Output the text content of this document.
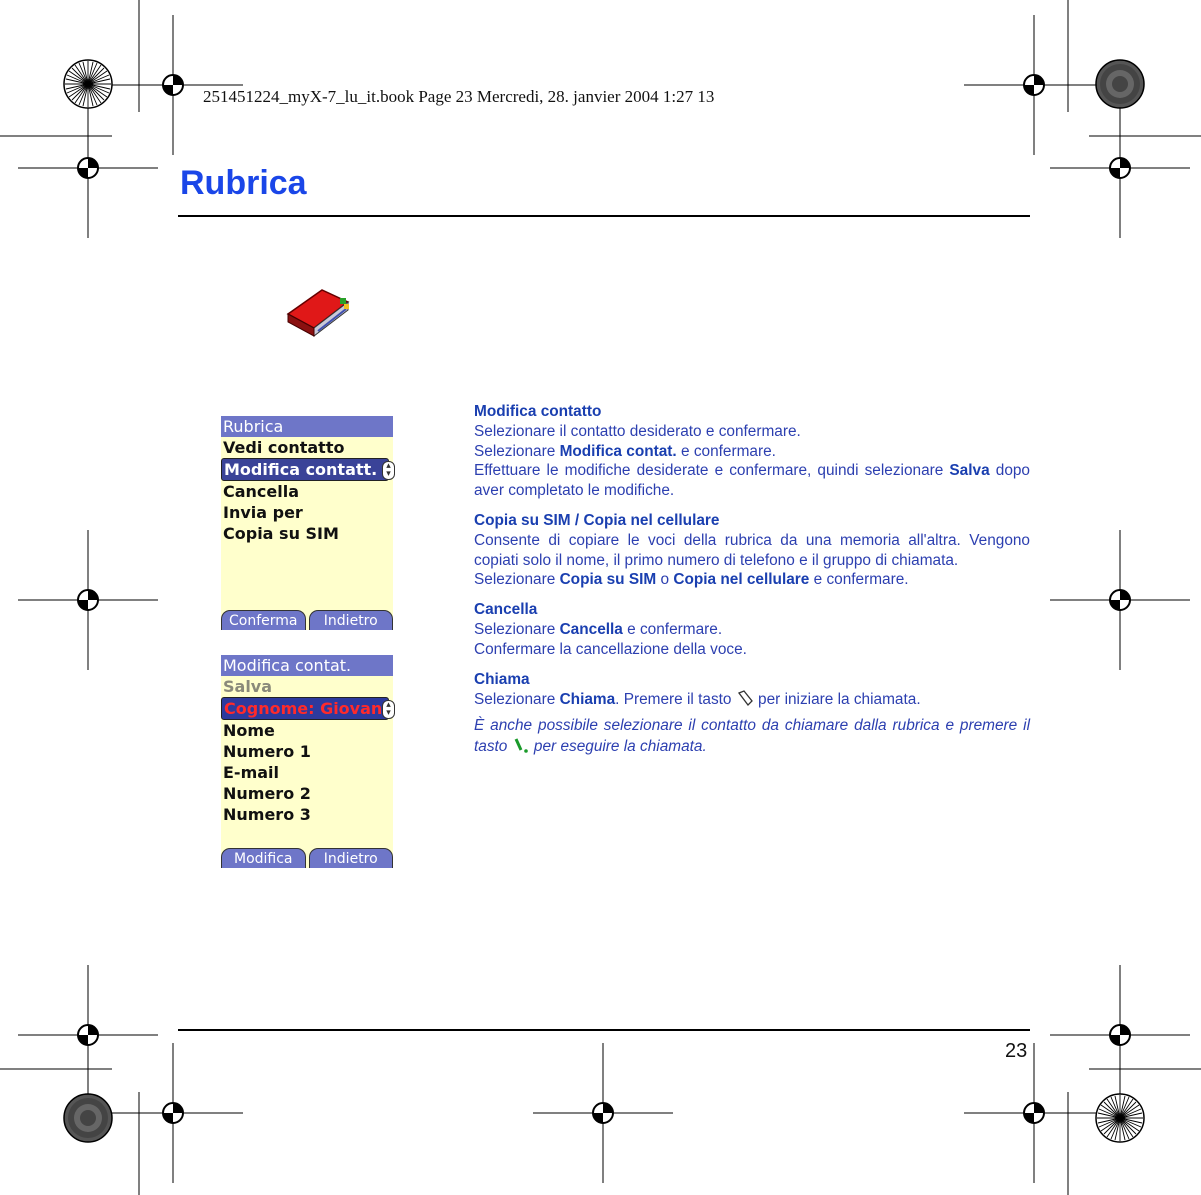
251451224_myX-7_lu_it.book Page 23 Mercredi, 28. janvier 2004 1:27 13
Rubrica
Rubrica
Vedi contatto
Modifica contatt. ▴
▾
Cancella
Invia per
Copia su SIM
Conferma	Indietro
Modifica contat.
Salva
Cognome: Giovan ▴
▾
Nome
Numero 1
E-mail
Numero 2
Numero 3
Modifica	Indietro

Modifica contatto
Selezionare il contatto desiderato e confermare.
Selezionare Modifica contat. e confermare.
Effettuare le modifiche desiderate e confermare, quindi selezionare Salva dopo aver completato le modifiche.

Copia su SIM / Copia nel cellulare
Consente di copiare le voci della rubrica da una memoria all'altra. Vengono copiati solo il nome, il primo numero di telefono e il gruppo di chiamata.
Selezionare Copia su SIM o Copia nel cellulare e confermare.

Cancella
Selezionare Cancella e confermare.
Confermare la cancellazione della voce.

Chiama
Selezionare Chiama. Premere il tasto  per iniziare la chiamata.

È anche possibile selezionare il contatto da chiamare dalla rubrica e premere il tasto  per eseguire la chiamata.

23
